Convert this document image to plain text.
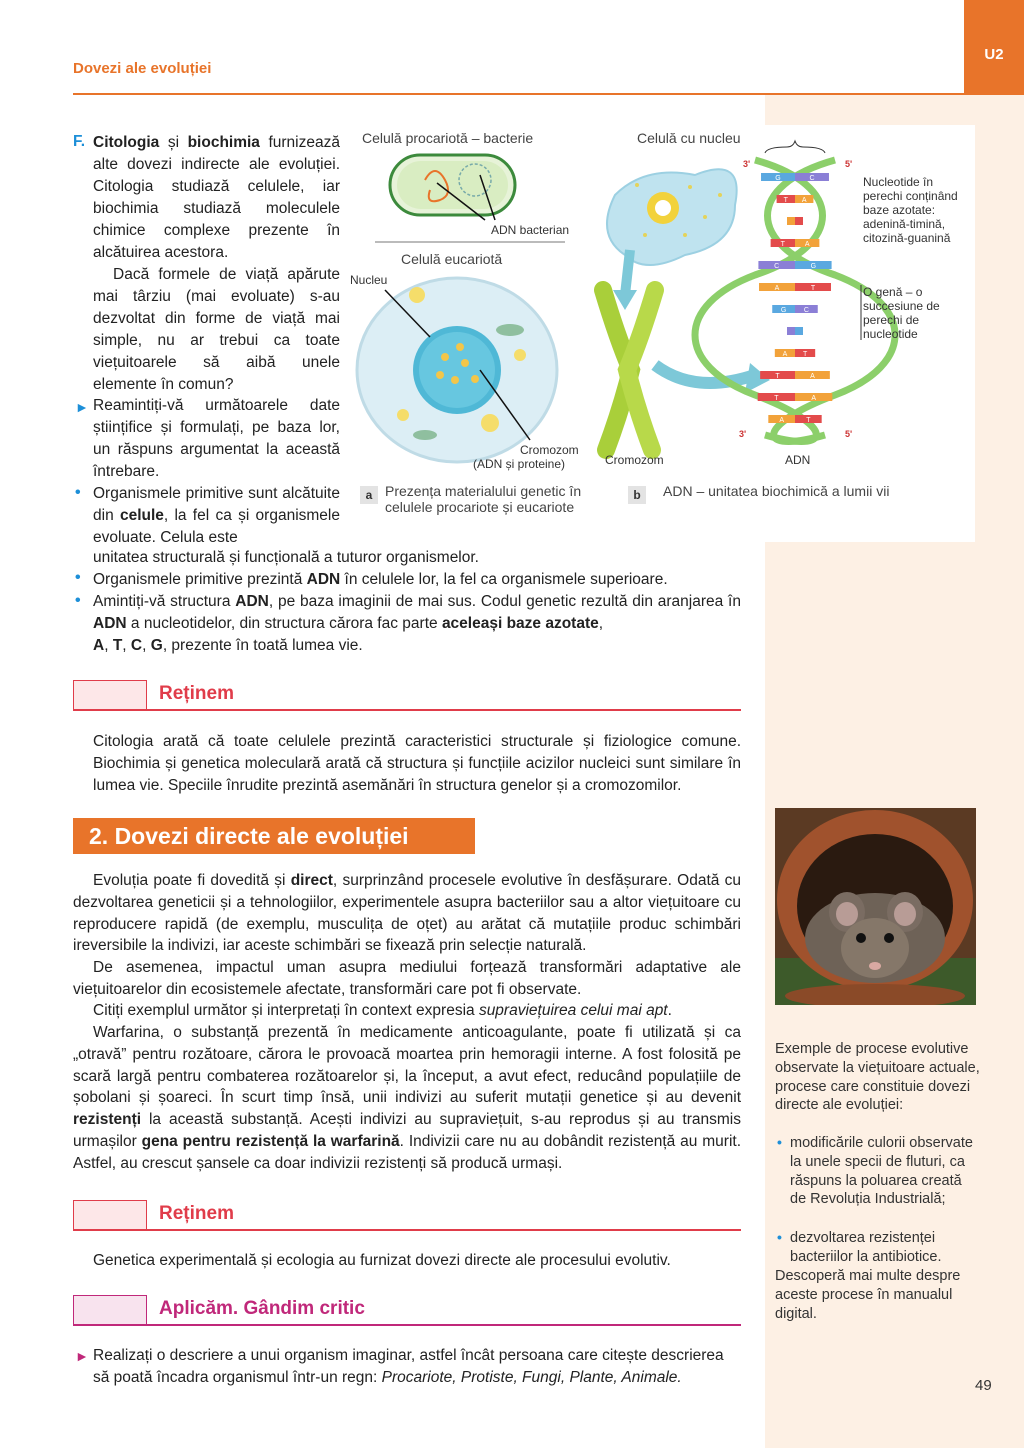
Dovezi ale evoluției
U2
F. Citologia și biochimia furnizează alte dovezi indirecte ale evoluției. Citologia studiază celulele, iar biochimia studiază moleculele chimice complexe prezente în alcătuirea acestora.
Dacă formele de viață apărute mai târziu (mai evoluate) s-au dezvoltat din forme de viață mai simple, nu ar trebui ca toate viețuitoarele să aibă unele elemente în comun?
► Reamintiți-vă următoarele date științifice și formulați, pe baza lor, un răspuns argumentat la această întrebare.
• Organismele primitive sunt alcătuite din celule, la fel ca și organismele evoluate. Celula este
unitatea structurală și funcțională a tuturor organismelor.
• Organismele primitive prezintă ADN în celulele lor, la fel ca organismele superioare.
• Amintiți-vă structura ADN, pe baza imaginii de mai sus. Codul genetic rezultă din aranjarea în ADN a nucleotidelor, din structura cărora fac parte aceleași baze azotate,
A, T, C, G, prezente în toată lumea vie.
G	C
T A
T	A
C	G
A	T
G C
A T
T	A
T	A
A	T
Celulă procariotă – bacterie
ADN bacterian
Celulă eucariotă
Nucleu
Cromozom
(ADN și proteine)
Celulă cu nucleu
Cromozom	ADN
Nucleotide în perechi conținând baze azotate: adenină-timină, citozină-guanină
O genă – o succesiune de perechi de nucleotide
3'	5'
3'	5'
a Prezența materialului genetic în celulele procariote și eucariote
b	ADN – unitatea biochimică a lumii vii
Reținem
Citologia arată că toate celulele prezintă caracteristici structurale și fiziologice comune. Biochimia și genetica moleculară arată că structura și funcțiile acizilor nucleici sunt similare în lumea vie. Speciile înrudite prezintă asemănări în structura genelor și a cromozomilor.
2. Dovezi directe ale evoluției
Evoluția poate fi dovedită și direct, surprinzând procesele evolutive în desfășurare. Odată cu dezvoltarea geneticii și a tehnologiilor, experimentele asupra bacteriilor sau a altor viețuitoare cu reproducere rapidă (de exemplu, musculița de oțet) au arătat că mutațiile produc schimbări ireversibile la indivizi, iar aceste schimbări se fixează prin selecție naturală.
De asemenea, impactul uman asupra mediului forțează transformări adaptative ale viețuitoarelor din ecosistemele afectate, transformări care pot fi observate.
Citiți exemplul următor și interpretați în context expresia supraviețuirea celui mai apt.
Warfarina, o substanță prezentă în medicamente anticoagulante, poate fi utilizată și ca „otravă” pentru rozătoare, cărora le provoacă moartea prin hemoragii interne. A fost folosită pe scară largă pentru combaterea rozătoarelor și, la început, a avut efect, reducând populațiile de șobolani și șoareci. În scurt timp însă, unii indivizi au suferit mutații genetice și au devenit rezistenți la această substanță. Acești indivizi au supraviețuit, s-au reprodus și au transmis urmașilor gena pentru rezistență la warfarină. Indivizii care nu au dobândit rezistență au murit. Astfel, au crescut șansele ca doar indivizii rezistenți să producă urmași.
Reținem
Genetica experimentală și ecologia au furnizat dovezi directe ale procesului evolutiv.
Aplicăm. Gândim critic
► Realizați o descriere a unui organism imaginar, astfel încât persoana care citește descrierea să poată încadra organismul într-un regn: Procariote, Protiste, Fungi, Plante, Animale.
Exemple de procese evolutive observate la viețuitoare actuale, procese care constituie dovezi directe ale evoluției:
• modificările culorii observate la unele specii de fluturi, ca răspuns la poluarea creată de Revoluția Industrială;
• dezvoltarea rezistenței bacteriilor la antibiotice.
Descoperă mai multe despre aceste procese în manualul digital.
49
